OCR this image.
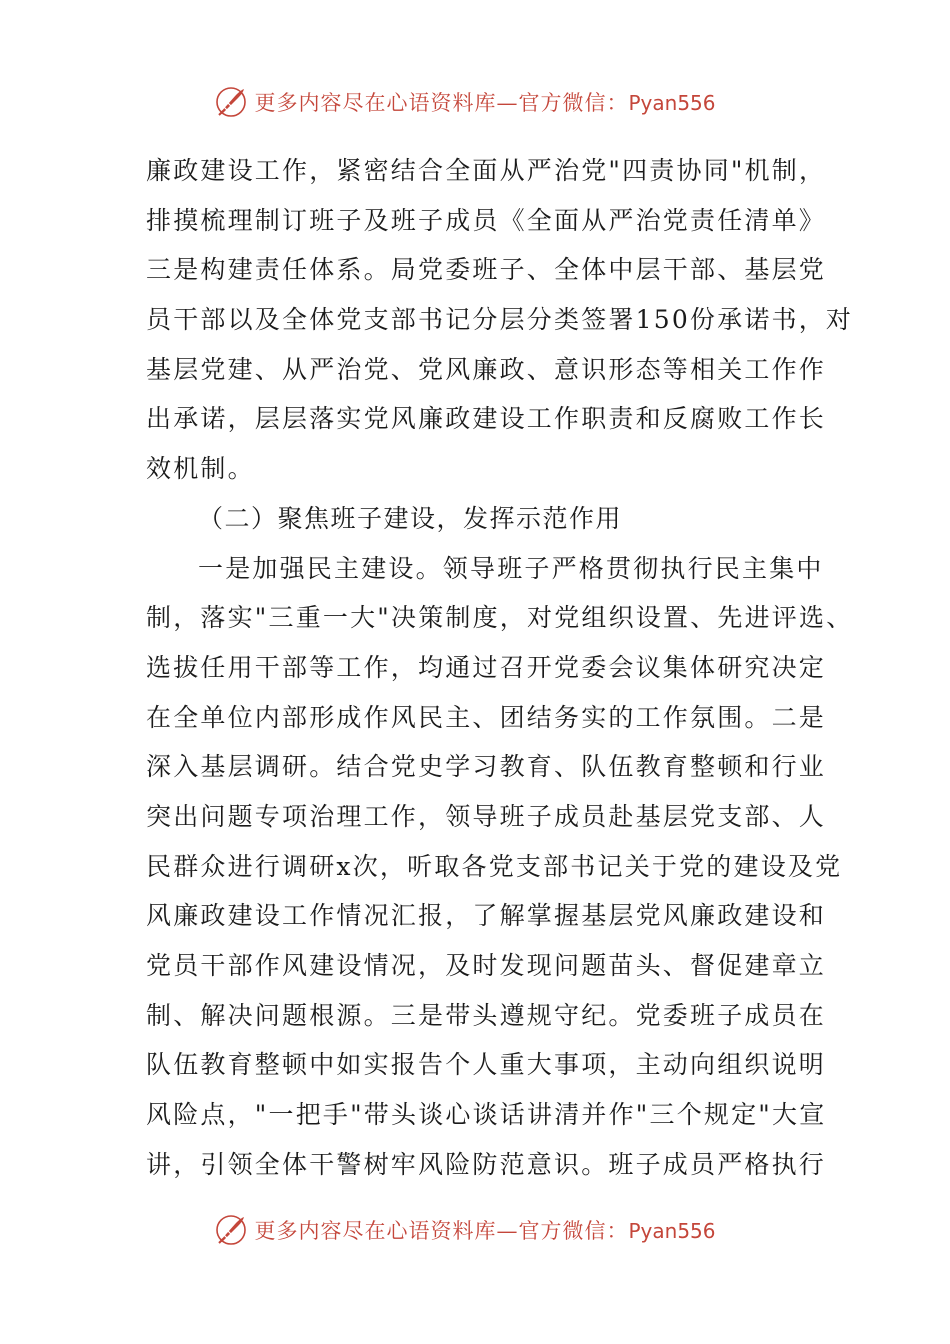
更多内容尽在心语资料库—官方微信：Pyan556
廉政建设工作，紧密结合全面从严治党"四责协同"机制，
排摸梳理制订班子及班子成员《全面从严治党责任清单》
三是构建责任体系。局党委班子、全体中层干部、基层党
员干部以及全体党支部书记分层分类签署150份承诺书，对
基层党建、从严治党、党风廉政、意识形态等相关工作作
出承诺，层层落实党风廉政建设工作职责和反腐败工作长
效机制。
（二）聚焦班子建设，发挥示范作用
一是加强民主建设。领导班子严格贯彻执行民主集中
制，落实"三重一大"决策制度，对党组织设置、先进评选、
选拔任用干部等工作，均通过召开党委会议集体研究决定
在全单位内部形成作风民主、团结务实的工作氛围。二是
深入基层调研。结合党史学习教育、队伍教育整顿和行业
突出问题专项治理工作，领导班子成员赴基层党支部、人
民群众进行调研x次，听取各党支部书记关于党的建设及党
风廉政建设工作情况汇报，了解掌握基层党风廉政建设和
党员干部作风建设情况，及时发现问题苗头、督促建章立
制、解决问题根源。三是带头遵规守纪。党委班子成员在
队伍教育整顿中如实报告个人重大事项，主动向组织说明
风险点，"一把手"带头谈心谈话讲清并作"三个规定"大宣
讲，引领全体干警树牢风险防范意识。班子成员严格执行
更多内容尽在心语资料库—官方微信：Pyan556
